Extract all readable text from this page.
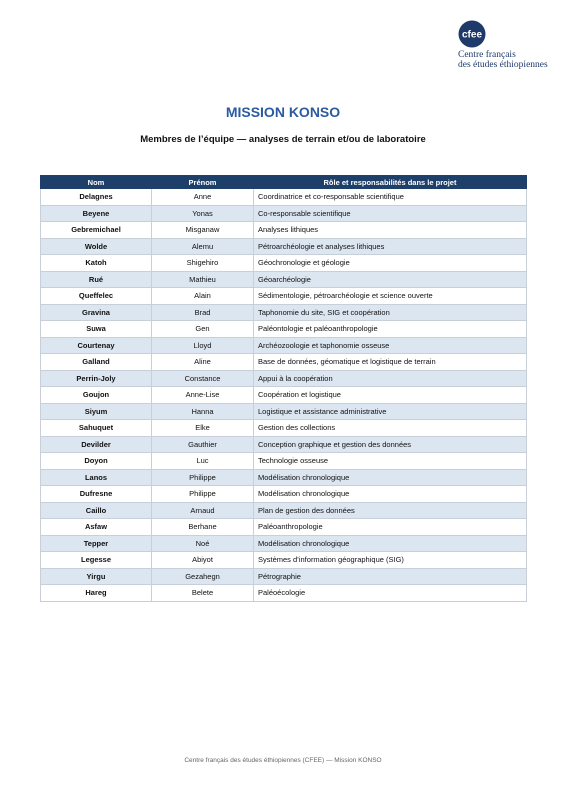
cfee
Centre français
des études éthiopiennes
MISSION KONSO
Membres de l’équipe — analyses de terrain et/ou de laboratoire
Nom	Prénom	Rôle et responsabilités dans le projet
Delagnes	Anne	Coordinatrice et co-responsable scientifique
Beyene	Yonas	Co-responsable scientifique
Gebremichael	Misganaw	Analyses lithiques
Wolde	Alemu	Pétroarchéologie et analyses lithiques
Katoh	Shigehiro	Géochronologie et géologie
Rué	Mathieu	Géoarchéologie
Queffelec	Alain	Sédimentologie, pétroarchéologie et science ouverte
Gravina	Brad	Taphonomie du site, SIG et coopération
Suwa	Gen	Paléontologie et paléoanthropologie
Courtenay	Lloyd	Archéozoologie et taphonomie osseuse
Galland	Aline	Base de données, géomatique et logistique de terrain
Perrin-Joly	Constance	Appui à la coopération
Goujon	Anne-Lise	Coopération et logistique
Siyum	Hanna	Logistique et assistance administrative
Sahuquet	Elke	Gestion des collections
Devilder	Gauthier	Conception graphique et gestion des données
Doyon	Luc	Technologie osseuse
Lanos	Philippe	Modélisation chronologique
Dufresne	Philippe	Modélisation chronologique
Caillo	Arnaud	Plan de gestion des données
Asfaw	Berhane	Paléoanthropologie
Tepper	Noé	Modélisation chronologique
Legesse	Abiyot	Systèmes d’information géographique (SIG)
Yirgu	Gezahegn	Pétrographie
Hareg	Belete	Paléoécologie
Centre français des études éthiopiennes (CFEE) — Mission KONSO
